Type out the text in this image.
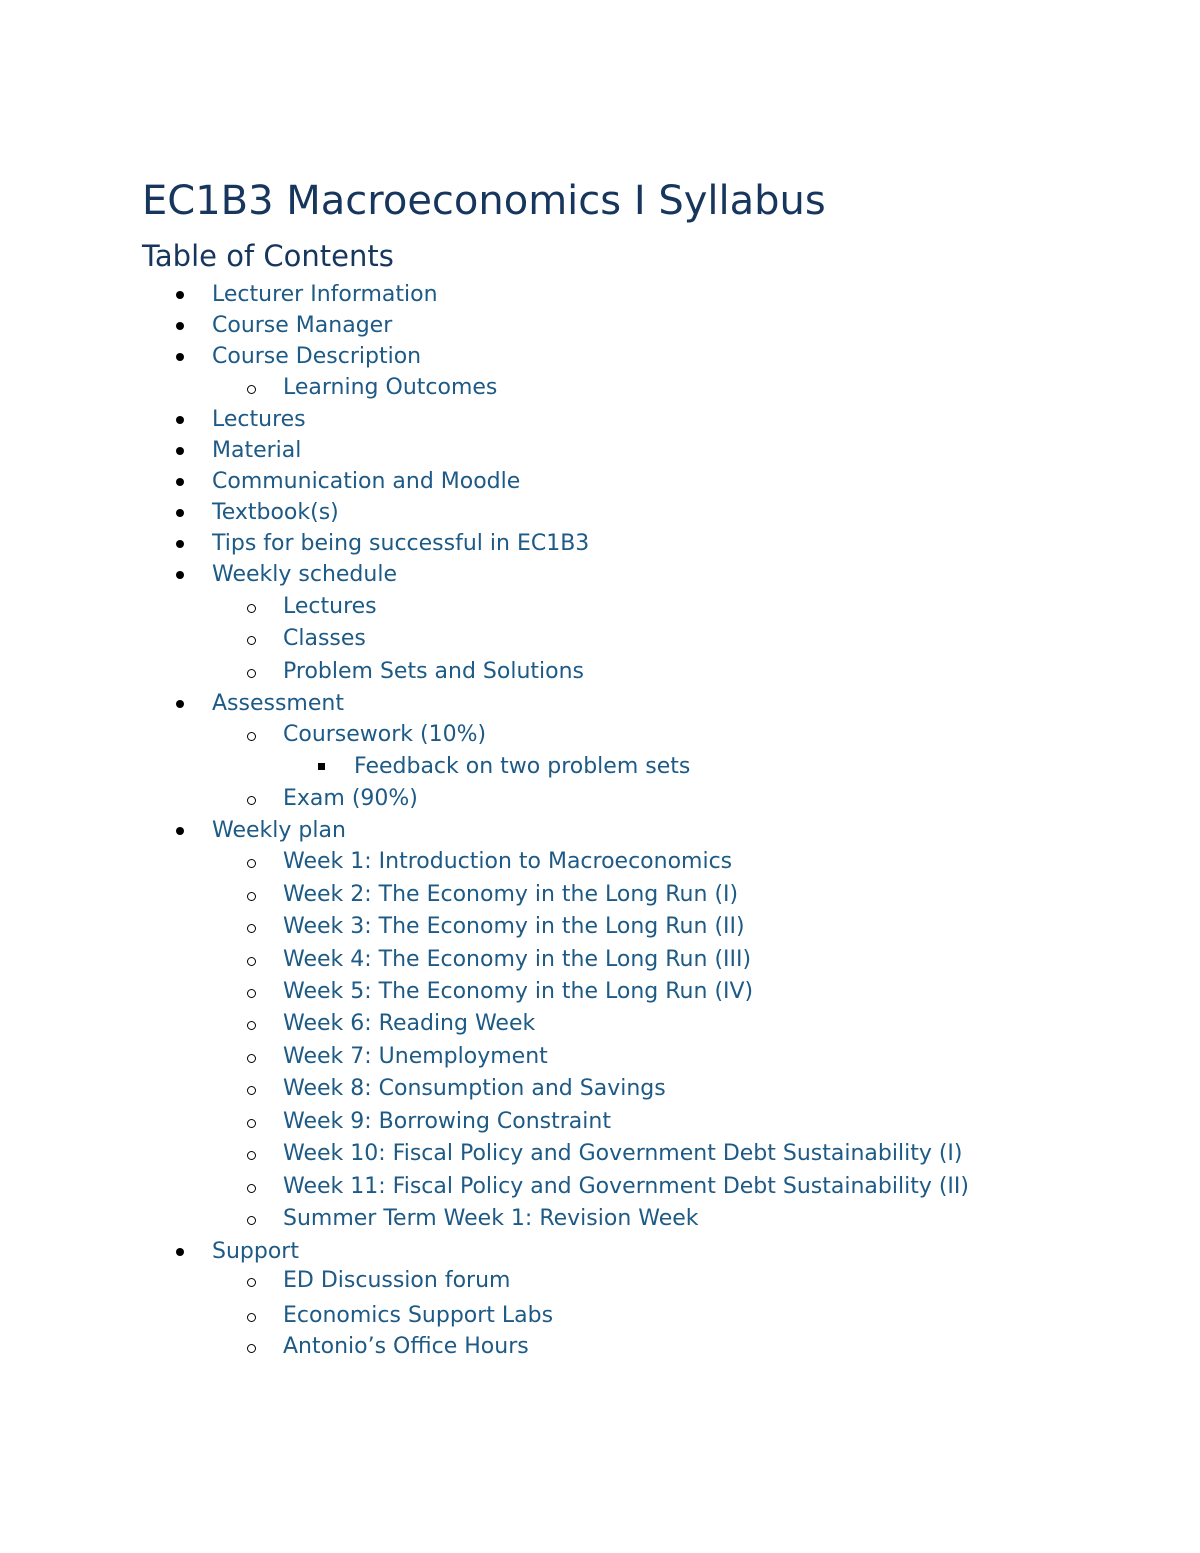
EC1B3 Macroeconomics I Syllabus
Table of Contents
Lecturer Information
Course Manager
Course Description
Learning Outcomes
Lectures
Material
Communication and Moodle
Textbook(s)
Tips for being successful in EC1B3
Weekly schedule
Lectures
Classes
Problem Sets and Solutions
Assessment
Coursework (10%)
Feedback on two problem sets
Exam (90%)
Weekly plan
Week 1: Introduction to Macroeconomics
Week 2: The Economy in the Long Run (I)
Week 3: The Economy in the Long Run (II)
Week 4: The Economy in the Long Run (III)
Week 5: The Economy in the Long Run (IV)
Week 6: Reading Week
Week 7: Unemployment
Week 8: Consumption and Savings
Week 9: Borrowing Constraint
Week 10: Fiscal Policy and Government Debt Sustainability (I)
Week 11: Fiscal Policy and Government Debt Sustainability (II)
Summer Term Week 1: Revision Week
Support
ED Discussion forum
Economics Support Labs
Antonio’s Office Hours
